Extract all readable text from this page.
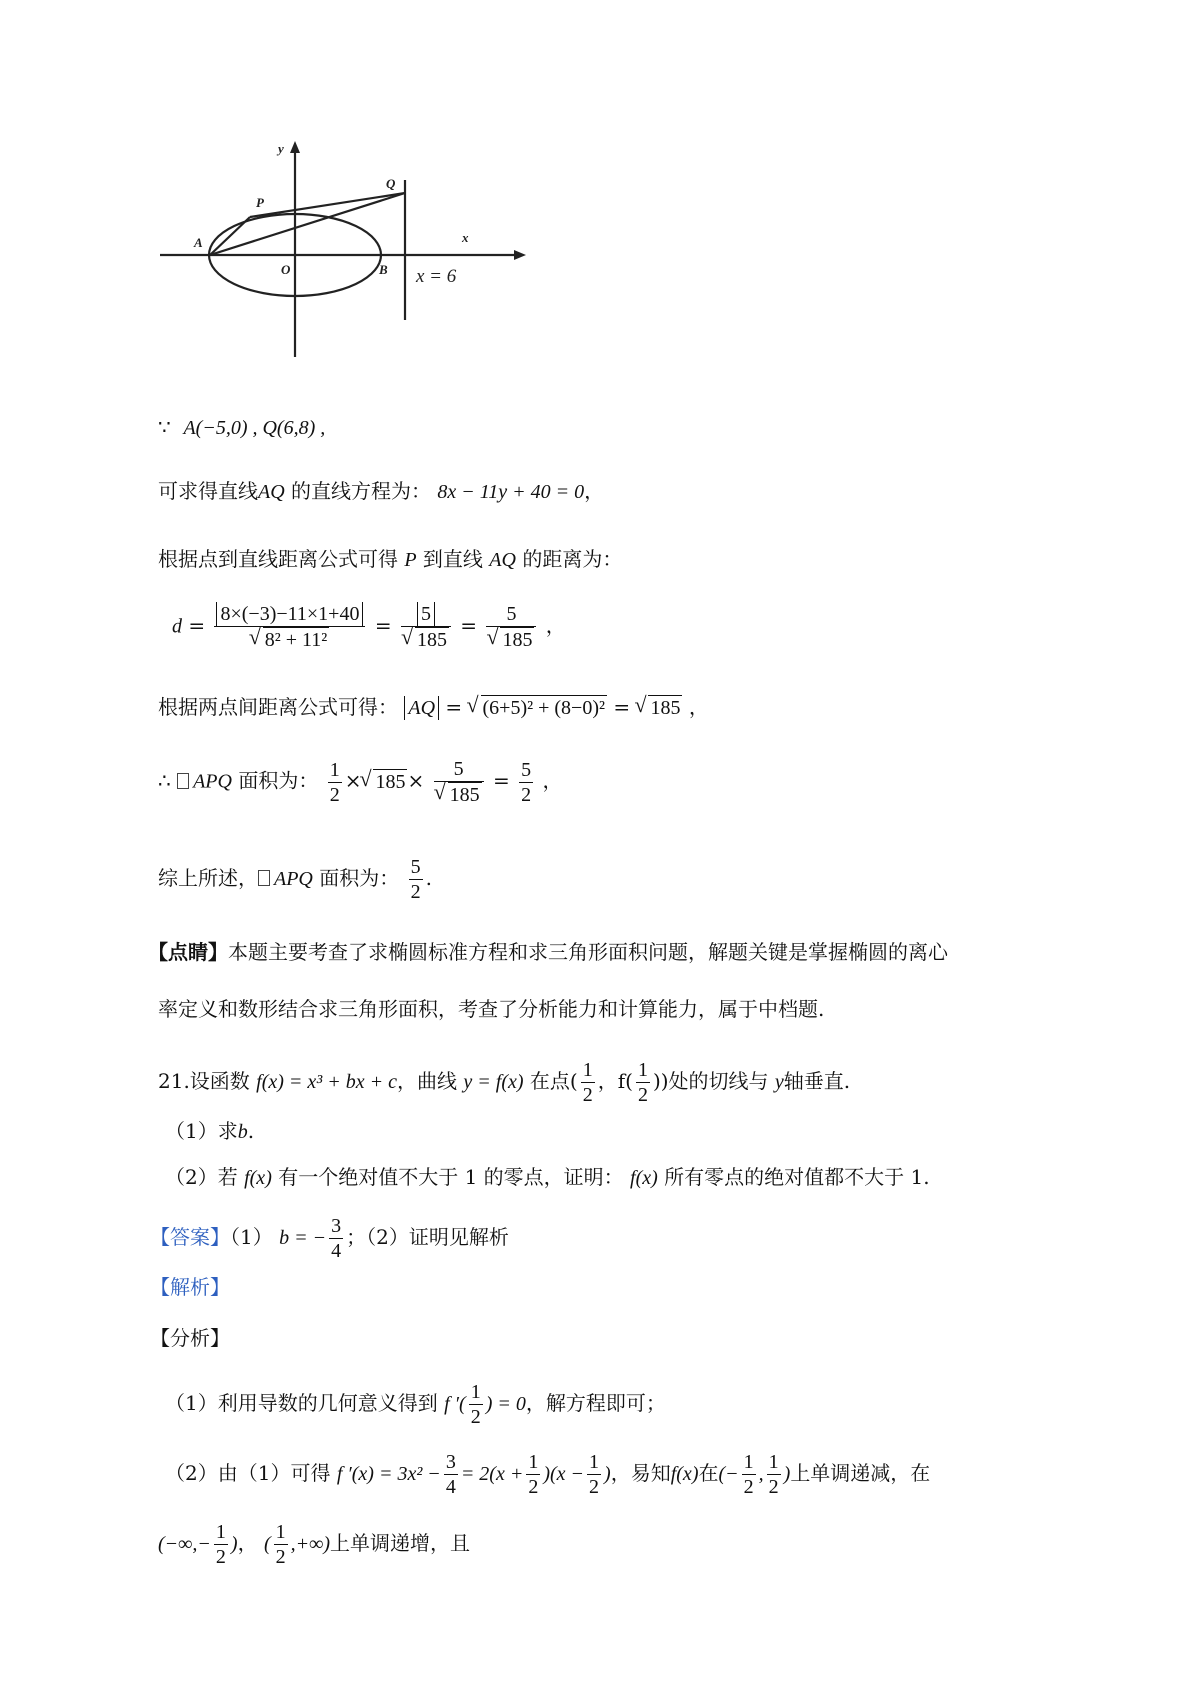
y
x
Q
P
A
O	B x = 6
∵ A(−5,0) , Q(6,8) ,
可求得直线AQ 的直线方程为： 8x − 11y + 40 = 0，
根据点到直线距离公式可得 P 到直线 AQ 的距离为：
d = 8×(−3)−11×1+40
√ 8² + 11² = 5
√ 185 = 5
√ 185 ，
根据两点间距离公式可得： AQ = √ (6+5)² + (8−0)² = √ 185 ，
∴ APQ 面积为： $\frac{1}{2}$ ×√ 185 × 5
√ $185 = \frac{5}{2}$ ，
综上所述， APQ 面积为： $\frac{5}{2}$ .
【点睛】本题主要考查了求椭圆标准方程和求三角形面积问题，解题关键是掌握椭圆的离心
率定义和数形结合求三角形面积，考查了分析能力和计算能力，属于中档题.
21.设函数 f(x) = x³ + bx + c，曲线 y = f(x) 在点( $\frac{1}{2}$ ，$f( \frac{1}{2}$ ))处的切线与 y轴垂直.
（1）求b.
（2）若 f(x) 有一个绝对值不大于 1 的零点，证明： f(x) 所有零点的绝对值都不大于 1.
【答案】（1） b = − $\frac{3}{4}$ ；（2）证明见解析
【解析】
【分析】
（1）利用导数的几何意义得到 f ′( $\frac{1}{2}$ ) = 0，解方程即可；
（2）由（1）可得 f $'(x) = 3x^2 - \frac{3}{4} = 2(x + \frac{1}{2} )(x - \frac{1}{2}$ )，易知f(x)在(− $\frac{1}{2}$ , $\frac{1}{2}$ )上单调递减，在
(−∞,− $\frac{1}{2}$ )， ( $\frac{1}{2}$ ,+∞)上单调递增，且
